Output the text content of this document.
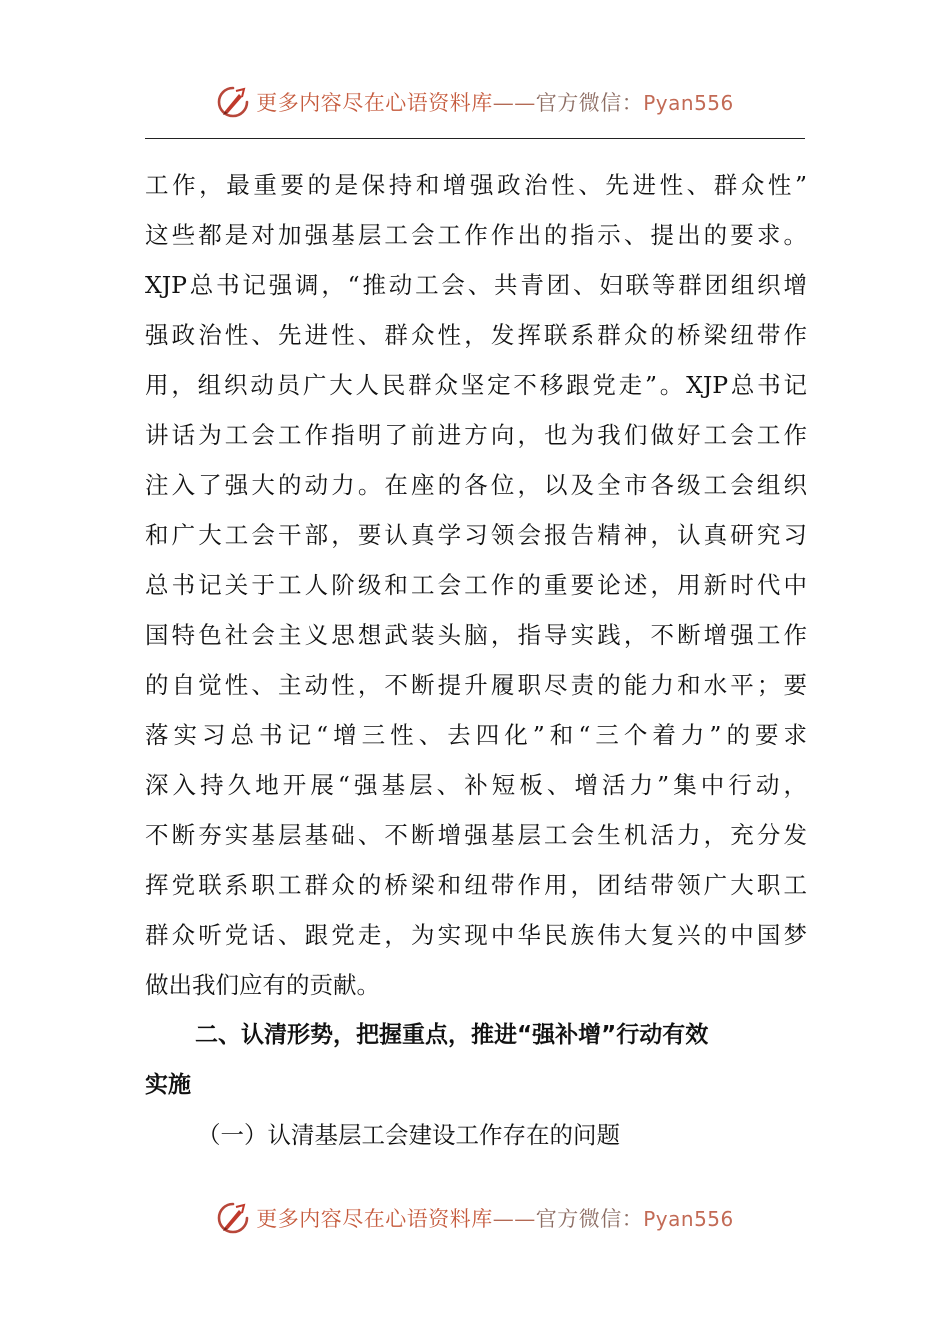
更多内容尽在心语资料库——官方微信：Pyan556
工作，最重要的是保持和增强政治性、先进性、群众性”
这些都是对加强基层工会工作作出的指示、提出的要求。
XJP总书记强调，“推动工会、共青团、妇联等群团组织增
强政治性、先进性、群众性，发挥联系群众的桥梁纽带作
用，组织动员广大人民群众坚定不移跟党走”。XJP总书记
讲话为工会工作指明了前进方向，也为我们做好工会工作
注入了强大的动力。在座的各位，以及全市各级工会组织
和广大工会干部，要认真学习领会报告精神，认真研究习
总书记关于工人阶级和工会工作的重要论述，用新时代中
国特色社会主义思想武装头脑，指导实践，不断增强工作
的自觉性、主动性，不断提升履职尽责的能力和水平；要
落实习总书记“增三性、去四化”和“三个着力”的要求
深入持久地开展“强基层、补短板、增活力”集中行动，
不断夯实基层基础、不断增强基层工会生机活力，充分发
挥党联系职工群众的桥梁和纽带作用，团结带领广大职工
群众听党话、跟党走，为实现中华民族伟大复兴的中国梦
做出我们应有的贡献。
二、认清形势，把握重点，推进“强补增”行动有效
实施
（一）认清基层工会建设工作存在的问题
更多内容尽在心语资料库——官方微信：Pyan556
